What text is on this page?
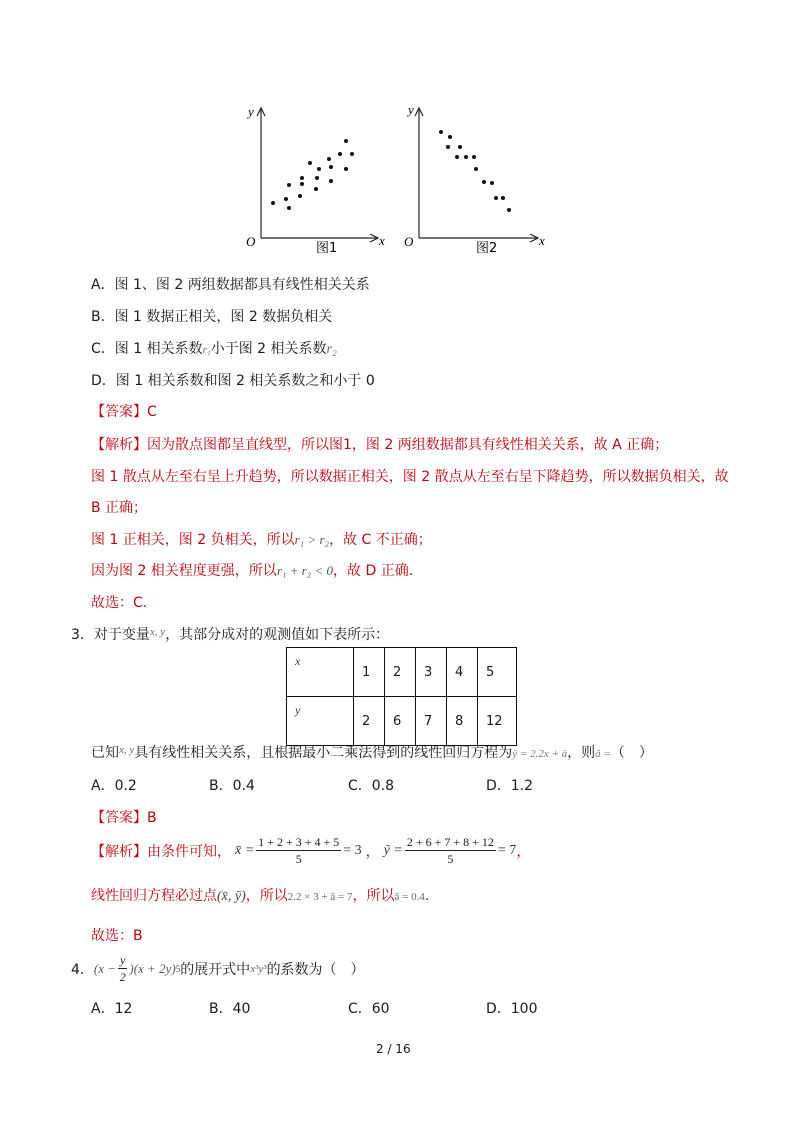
y
O	x
图1
y
O	x
图2
A．图 1、图 2 两组数据都具有线性相关关系
B．图 1 数据正相关，图 2 数据负相关
C．图 1 相关系数r₁小于图 2 相关系数r₂
D．图 1 相关系数和图 2 相关系数之和小于 0
【答案】C
【解析】因为散点图都呈直线型，所以图1，图 2 两组数据都具有线性相关关系，故 A 正确；
图 1 散点从左至右呈上升趋势，所以数据正相关，图 2 散点从左至右呈下降趋势，所以数据负相关，故
B 正确；
图 1 正相关，图 2 负相关，所以r₁ > r₂，故 C 不正确；
因为图 2 相关程度更强，所以r₁ + r₂ < 0，故 D 正确.
故选：C.
3．对于变量$^{x, y}$，其部分成对的观测值如下表所示：
x	1	2	3	4	5
y	2	6	7	8	12
已知$^{x, y}$具有线性相关关系，且根据最小二乘法得到的线性回归方程为ŷ = 2.2x + â，则â =（　）
A．0.2	B．0.4	C．0.8	D．1.2
【答案】B
【解析】 由条件可知， x̄ = $\frac{1 + 2 + 3 + 4 + 5}{5} = 3$ ， ȳ = $\frac{2 + 6 + 7 + 8 + 12}{5} = 7$ ，
线性回归方程必过点(x̄, ȳ)，所以2.2 × 3 + â = 7，所以â = 0.4.
故选：B
4． $(x - \frac{y}{2} )(x + 2y)$ 5 的展开式中 x³y³ 的系数为（　）
A．12	B．40	C．60	D．100
2 / 16
